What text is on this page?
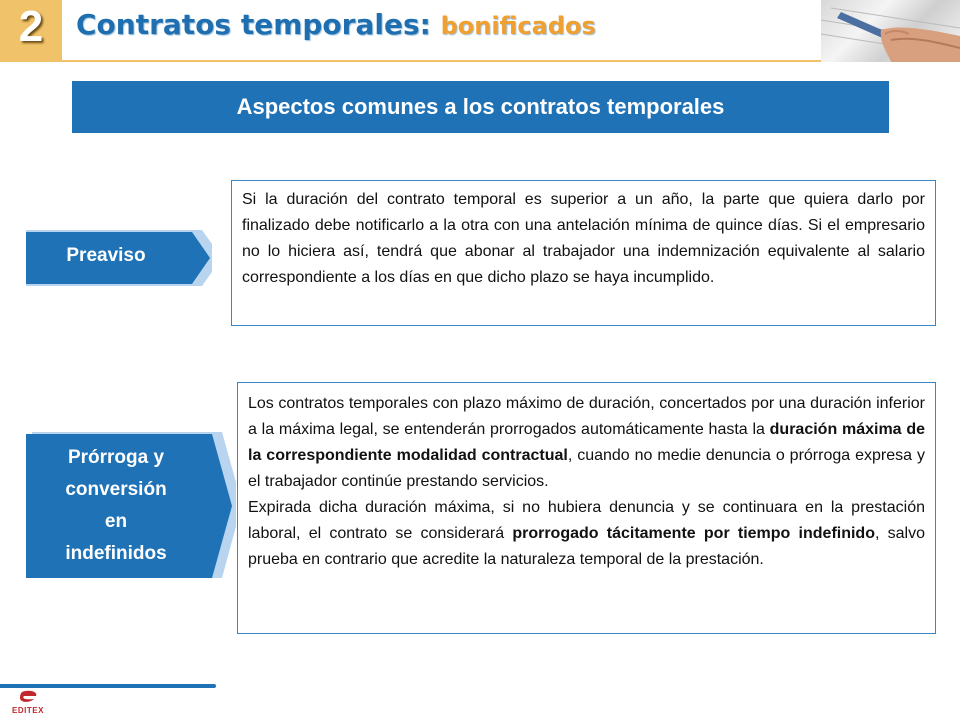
2	Contratos temporales: bonificados
Aspectos comunes a los contratos temporales
Preaviso

Si la duración del contrato temporal es superior a un año, la parte que quiera darlo por finalizado debe notificarlo a la otra con una antelación mínima de quince días. Si el empresario no lo hiciera así, tendrá que abonar al trabajador una indemnización equivalente al salario correspondiente a los días en que dicho plazo se haya incumplido.

Prórroga y
conversión
en
indefinidos

Los contratos temporales con plazo máximo de duración, concertados por una duración inferior a la máxima legal, se entenderán prorrogados automáticamente hasta la duración máxima de la correspondiente modalidad contractual, cuando no medie denuncia o prórroga expresa y el trabajador continúe prestando servicios.

Expirada dicha duración máxima, si no hubiera denuncia y se continuara en la prestación laboral, el contrato se considerará prorrogado tácitamente por tiempo indefinido, salvo prueba en contrario que acredite la naturaleza temporal de la prestación.

EDITEX
